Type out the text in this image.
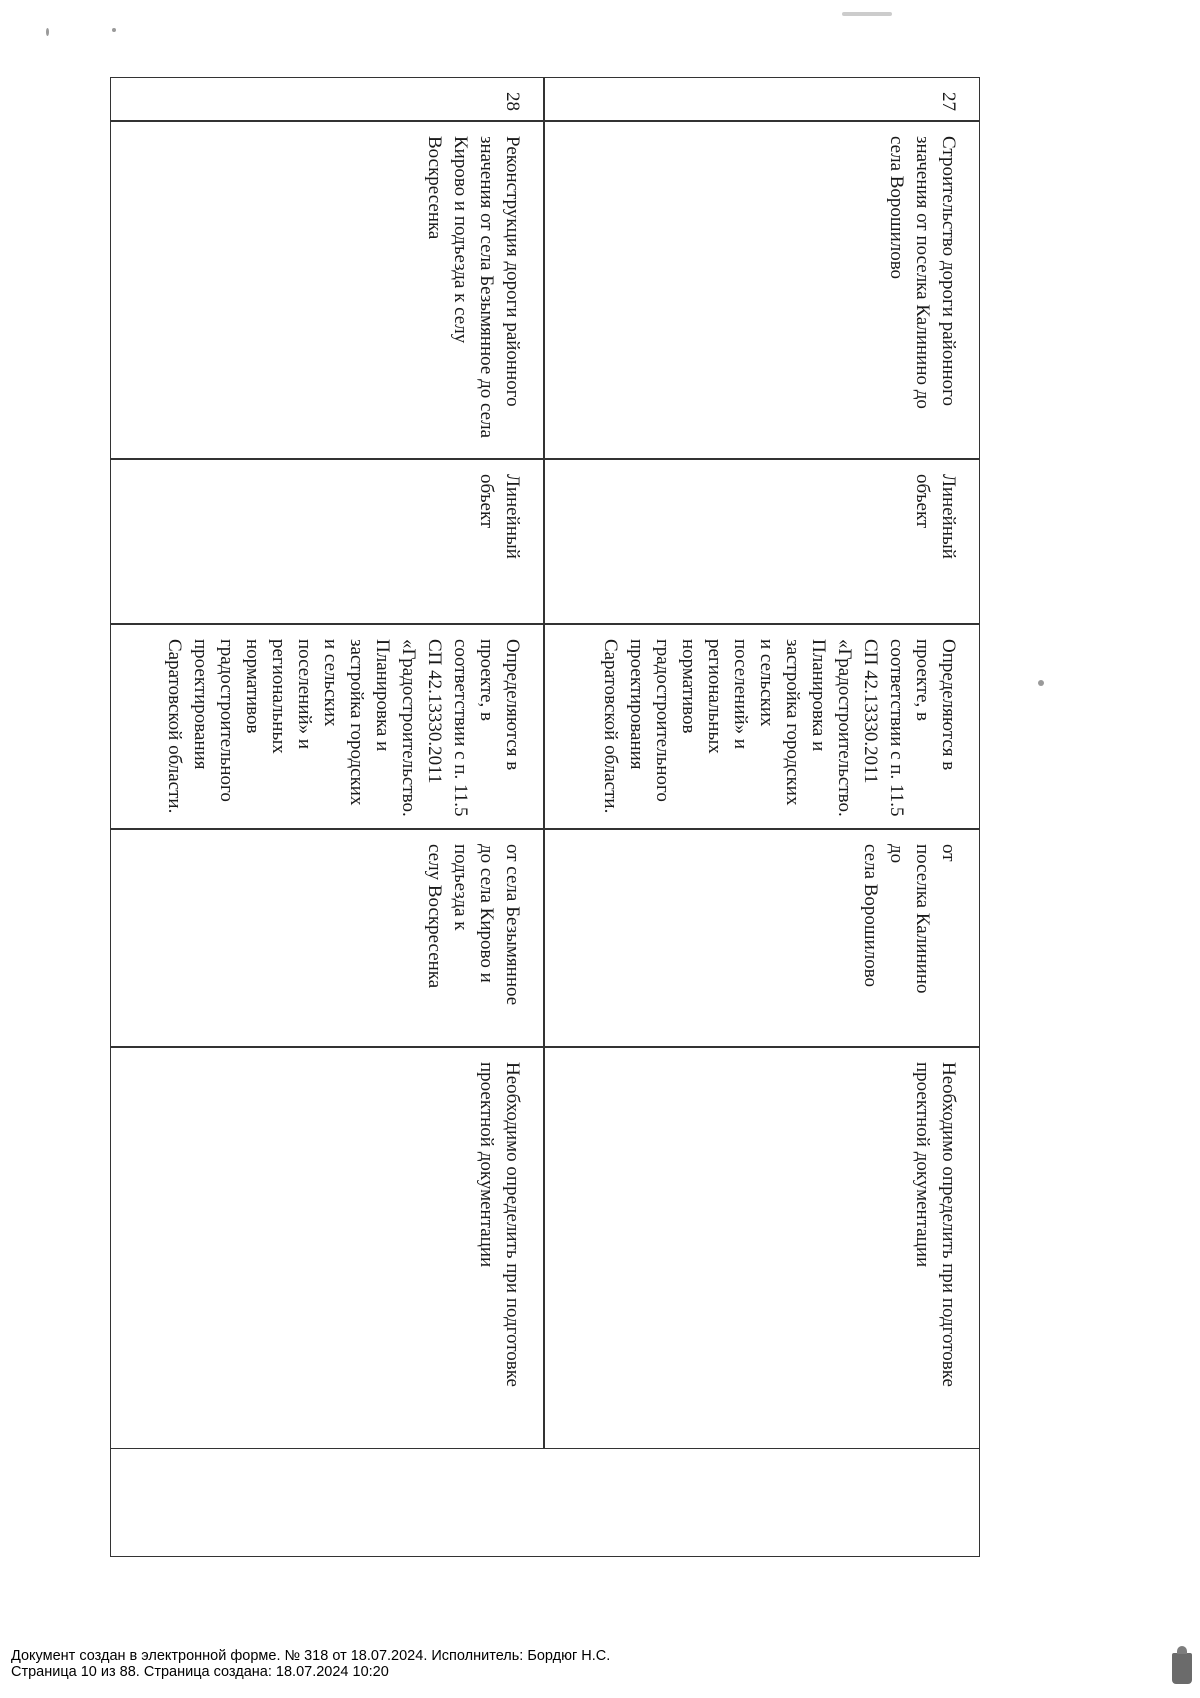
27
Строительство дороги районного значения от поселка Калинино до села Ворошилово
Линейный объект
Определяются в проекте, в соответствии с п. 11.5 СП 42.13330.2011 «Градостроительство. Планировка и застройка городских и сельских поселений» и региональных нормативов градостроительного проектирования Саратовской области.
от
поселка Калинино
до
села Ворошилово
Необходимо определить при подготовке проектной документации
28
Реконструкция дороги районного значения от села Безымянное до села Кирово и подъезда к селу Воскресенка
Линейный объект
Определяются в проекте, в соответствии с п. 11.5 СП 42.13330.2011 «Градостроительство. Планировка и застройка городских и сельских поселений» и региональных нормативов градостроительного проектирования Саратовской области.
от села Безымянное
до села Кирово и
подъезда к
селу Воскресенка
Необходимо определить при подготовке проектной документации
Документ создан в электронной форме. № 318 от 18.07.2024. Исполнитель: Бордюг Н.С.
Страница 10 из 88. Страница создана: 18.07.2024 10:20
